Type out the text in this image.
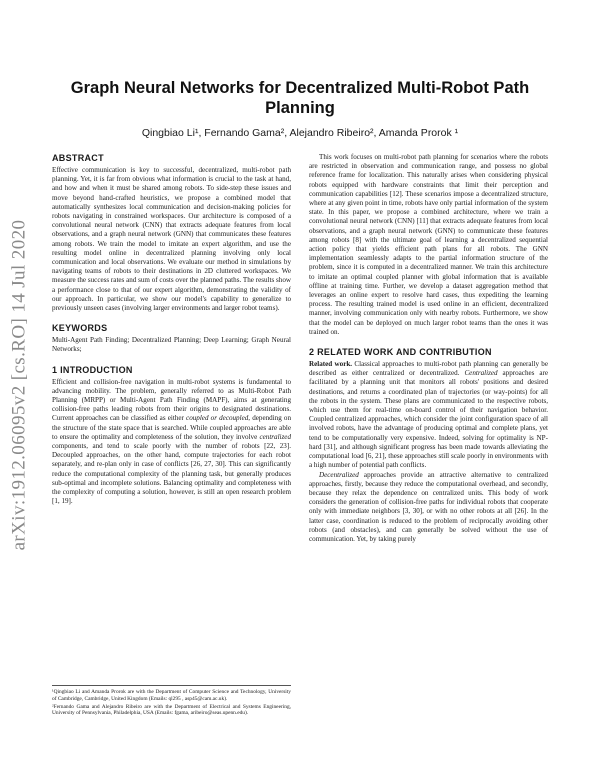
arXiv:1912.06095v2 [cs.RO] 14 Jul 2020
Graph Neural Networks for Decentralized Multi-Robot Path Planning
Qingbiao Li¹, Fernando Gama², Alejandro Ribeiro², Amanda Prorok ¹
ABSTRACT

Effective communication is key to successful, decentralized, multi-robot path planning. Yet, it is far from obvious what information is crucial to the task at hand, and how and when it must be shared among robots. To side-step these issues and move beyond hand-crafted heuristics, we propose a combined model that automatically synthesizes local communication and decision-making policies for robots navigating in constrained workspaces. Our architecture is composed of a convolutional neural network (CNN) that extracts adequate features from local observations, and a graph neural network (GNN) that communicates these features among robots. We train the model to imitate an expert algorithm, and use the resulting model online in decentralized planning involving only local communication and local observations. We evaluate our method in simulations by navigating teams of robots to their destinations in 2D cluttered workspaces. We measure the success rates and sum of costs over the planned paths. The results show a performance close to that of our expert algorithm, demonstrating the validity of our approach. In particular, we show our model's capability to generalize to previously unseen cases (involving larger environments and larger robot teams).

KEYWORDS

Multi-Agent Path Finding; Decentralized Planning; Deep Learning; Graph Neural Networks;

1 INTRODUCTION

Efficient and collision-free navigation in multi-robot systems is fundamental to advancing mobility. The problem, generally referred to as Multi-Robot Path Planning (MRPP) or Multi-Agent Path Finding (MAPF), aims at generating collision-free paths leading robots from their origins to designated destinations. Current approaches can be classified as either coupled or decoupled, depending on the structure of the state space that is searched. While coupled approaches are able to ensure the optimality and completeness of the solution, they involve centralized components, and tend to scale poorly with the number of robots [22, 23]. Decoupled approaches, on the other hand, compute trajectories for each robot separately, and re-plan only in case of conflicts [26, 27, 30]. This can significantly reduce the computational complexity of the planning task, but generally produces sub-optimal and incomplete solutions. Balancing optimality and completeness with the complexity of computing a solution, however, is still an open research problem [1, 19].

¹Qingbiao Li and Amanda Prorok are with the Department of Computer Science and Technology, University of Cambridge, Cambridge, United Kingdom (Emails: ql295 , asp45@cam.ac.uk).

²Fernando Gama and Alejandro Ribeiro are with the Department of Electrical and Systems Engineering, University of Pennsylvania, Philadelphia, USA (Emails: fgama, aribeiro@seas.upenn.edu).

This work focuses on multi-robot path planning for scenarios where the robots are restricted in observation and communication range, and possess no global reference frame for localization. This naturally arises when considering physical robots equipped with hardware constraints that limit their perception and communication capabilities [12]. These scenarios impose a decentralized structure, where at any given point in time, robots have only partial information of the system state. In this paper, we propose a combined architecture, where we train a convolutional neural network (CNN) [11] that extracts adequate features from local observations, and a graph neural network (GNN) to communicate these features among robots [8] with the ultimate goal of learning a decentralized sequential action policy that yields efficient path plans for all robots. The GNN implementation seamlessly adapts to the partial information structure of the problem, since it is computed in a decentralized manner. We train this architecture to imitate an optimal coupled planner with global information that is available offline at training time. Further, we develop a dataset aggregation method that leverages an online expert to resolve hard cases, thus expediting the learning process. The resulting trained model is used online in an efficient, decentralized manner, involving communication only with nearby robots. Furthermore, we show that the model can be deployed on much larger robot teams than the ones it was trained on.

2 RELATED WORK AND CONTRIBUTION

Related work. Classical approaches to multi-robot path planning can generally be described as either centralized or decentralized. Centralized approaches are facilitated by a planning unit that monitors all robots' positions and desired destinations, and returns a coordinated plan of trajectories (or way-points) for all the robots in the system. These plans are communicated to the respective robots, which use them for real-time on-board control of their navigation behavior. Coupled centralized approaches, which consider the joint configuration space of all involved robots, have the advantage of producing optimal and complete plans, yet tend to be computationally very expensive. Indeed, solving for optimality is NP-hard [31], and although significant progress has been made towards alleviating the computational load [6, 21], these approaches still scale poorly in environments with a high number of potential path conflicts.

Decentralized approaches provide an attractive alternative to centralized approaches, firstly, because they reduce the computational overhead, and secondly, because they relax the dependence on centralized units. This body of work considers the generation of collision-free paths for individual robots that cooperate only with immediate neighbors [3, 30], or with no other robots at all [26]. In the latter case, coordination is reduced to the problem of reciprocally avoiding other robots (and obstacles), and can generally be solved without the use of communication. Yet, by taking purely
